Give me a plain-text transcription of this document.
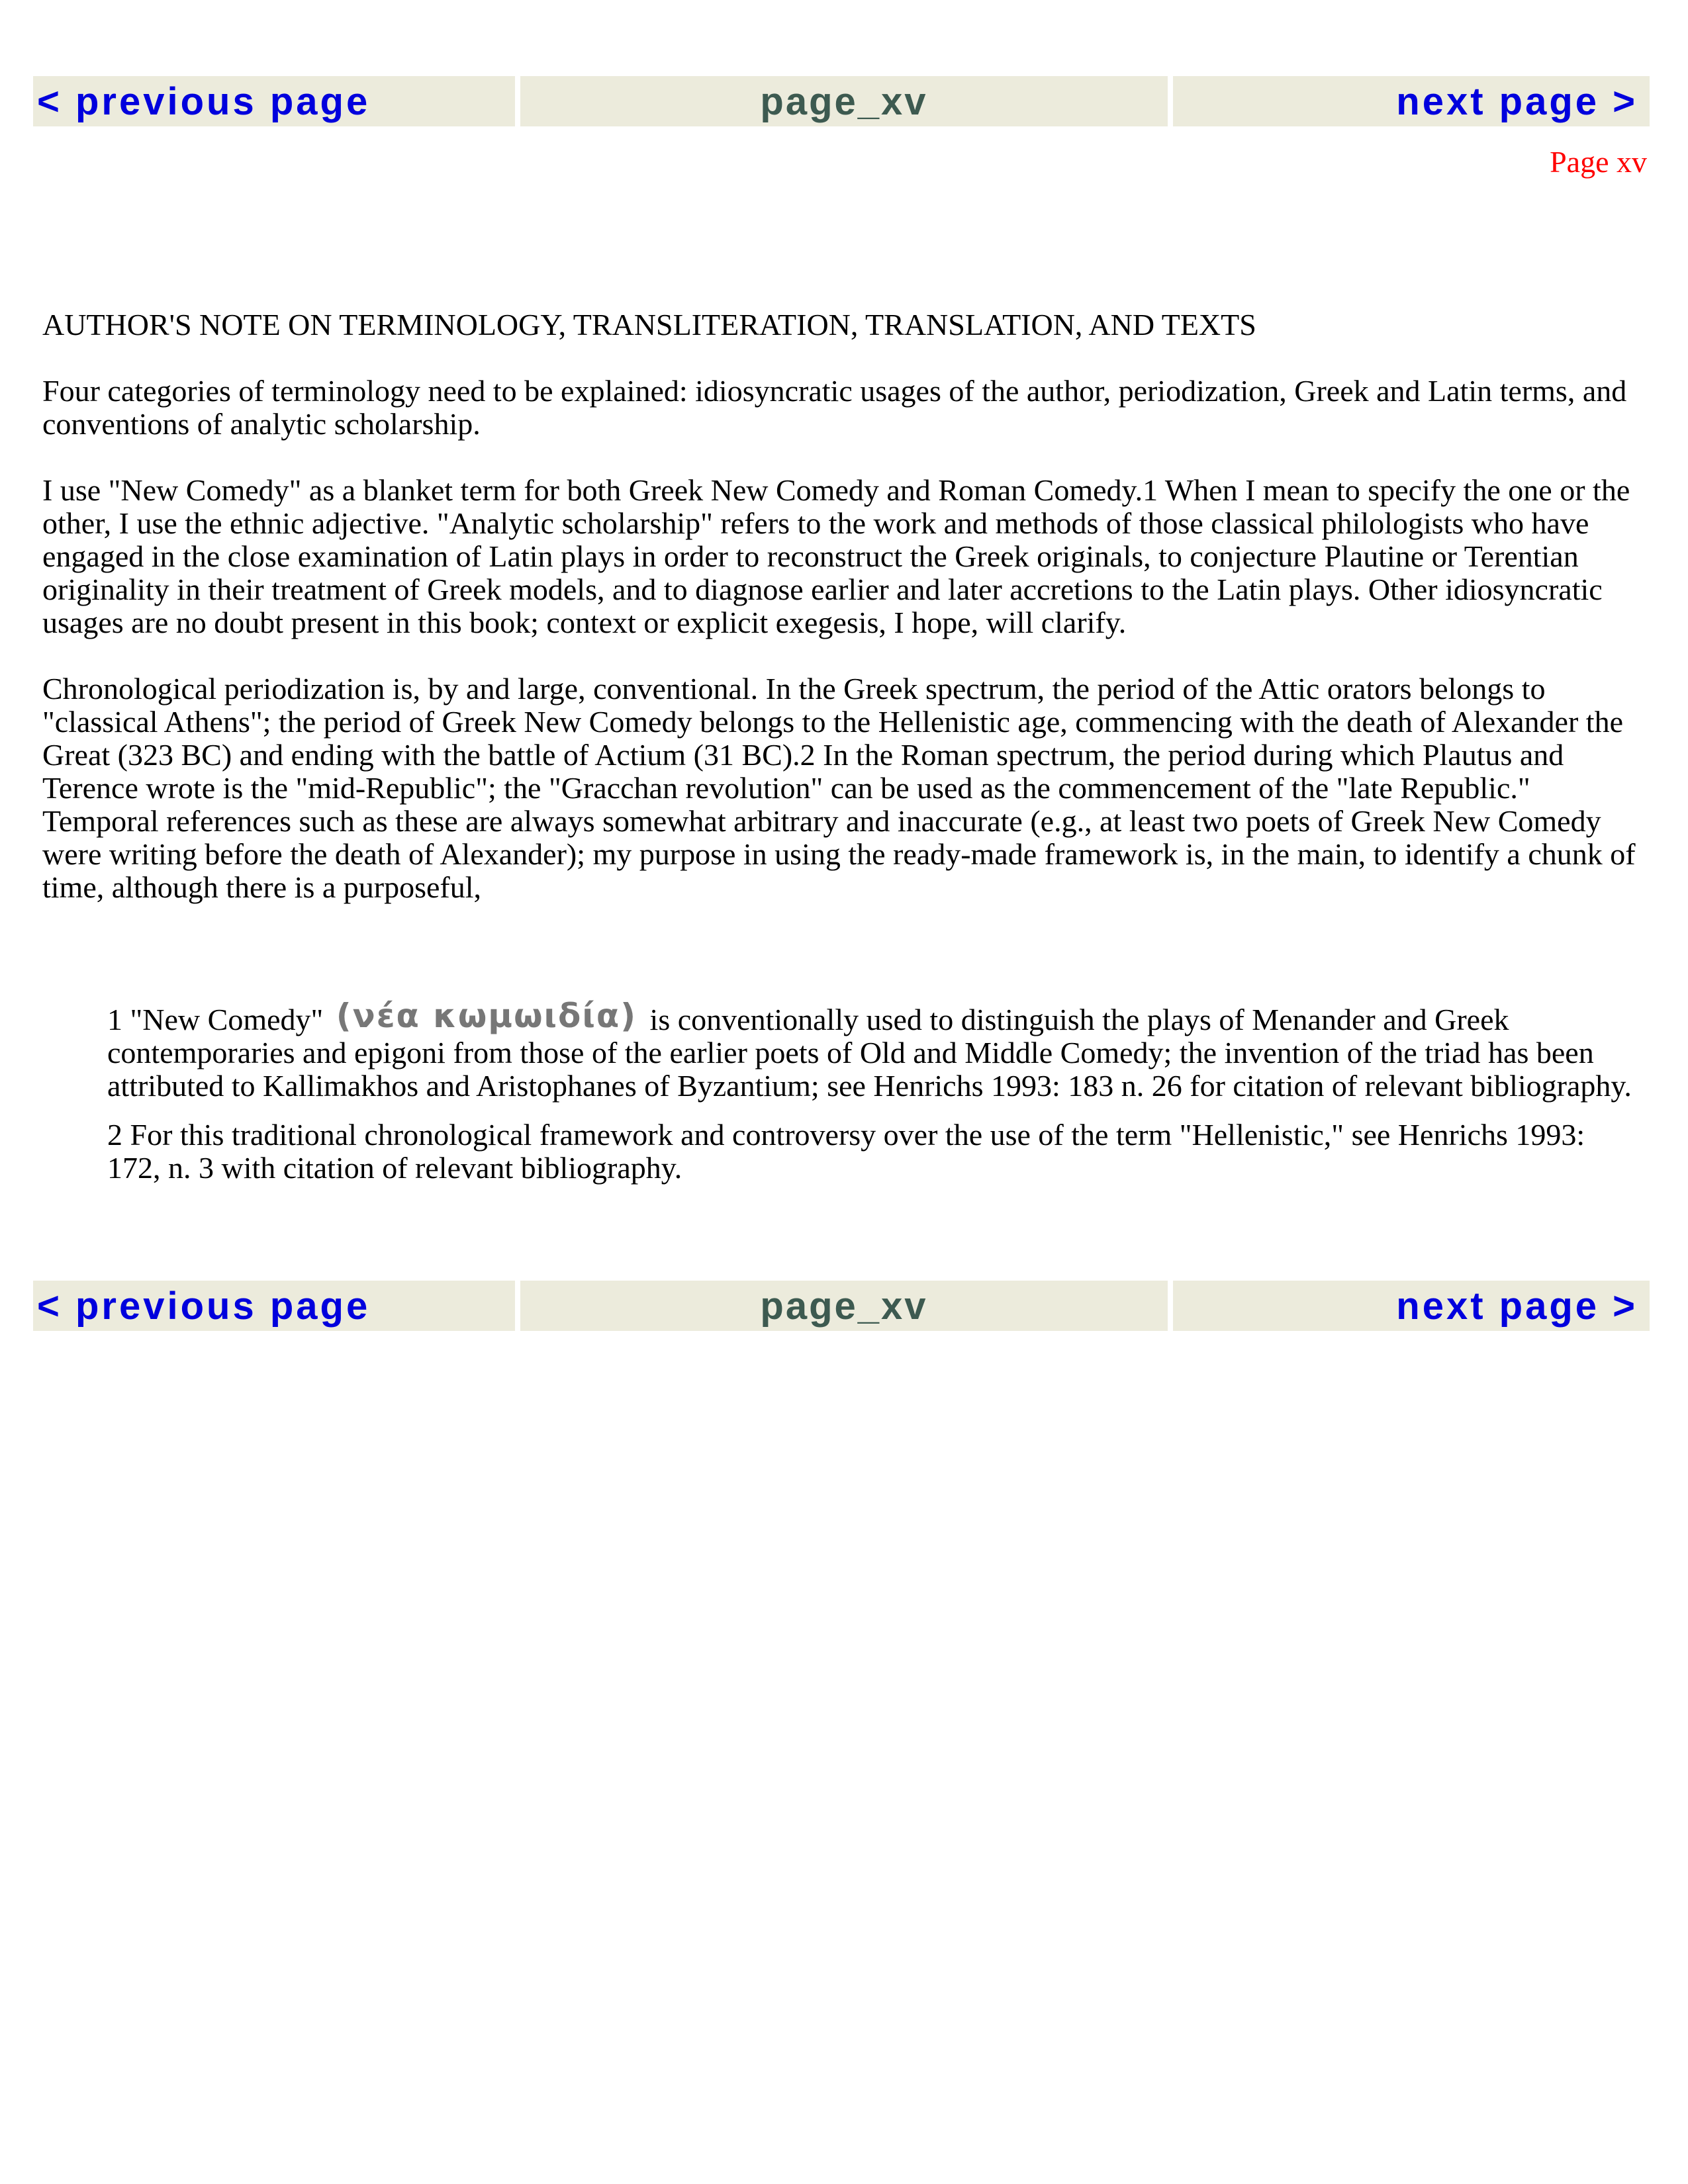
< previous page	page_xv	next page >
Page xv

AUTHOR'S NOTE ON TERMINOLOGY, TRANSLITERATION, TRANSLATION, AND TEXTS

Four categories of terminology need to be explained: idiosyncratic usages of the author, periodization, Greek and Latin terms, and conventions of analytic scholarship.

I use "New Comedy" as a blanket term for both Greek New Comedy and Roman Comedy.1 When I mean to specify the one or the other, I use the ethnic adjective. "Analytic scholarship" refers to the work and methods of those classical philologists who have engaged in the close examination of Latin plays in order to reconstruct the Greek originals, to conjecture Plautine or Terentian originality in their treatment of Greek models, and to diagnose earlier and later accretions to the Latin plays. Other idiosyncratic usages are no doubt present in this book; context or explicit exegesis, I hope, will clarify.

Chronological periodization is, by and large, conventional. In the Greek spectrum, the period of the Attic orators belongs to "classical Athens"; the period of Greek New Comedy belongs to the Hellenistic age, commencing with the death of Alexander the Great (323 BC) and ending with the battle of Actium (31 BC).2 In the Roman spectrum, the period during which Plautus and Terence wrote is the "mid-Republic"; the "Gracchan revolution" can be used as the commencement of the "late Republic." Temporal references such as these are always somewhat arbitrary and inaccurate (e.g., at least two poets of Greek New Comedy were writing before the death of Alexander); my purpose in using the ready-made framework is, in the main, to identify a chunk of time, although there is a purposeful,

1 "New Comedy" (νέα κωμωιδία) is conventionally used to distinguish the plays of Menander and Greek contemporaries and epigoni from those of the earlier poets of Old and Middle Comedy; the invention of the triad has been attributed to Kallimakhos and Aristophanes of Byzantium; see Henrichs 1993: 183 n. 26 for citation of relevant bibliography.

2 For this traditional chronological framework and controversy over the use of the term "Hellenistic," see Henrichs 1993: 172, n. 3 with citation of relevant bibliography.

< previous page	page_xv	next page >
